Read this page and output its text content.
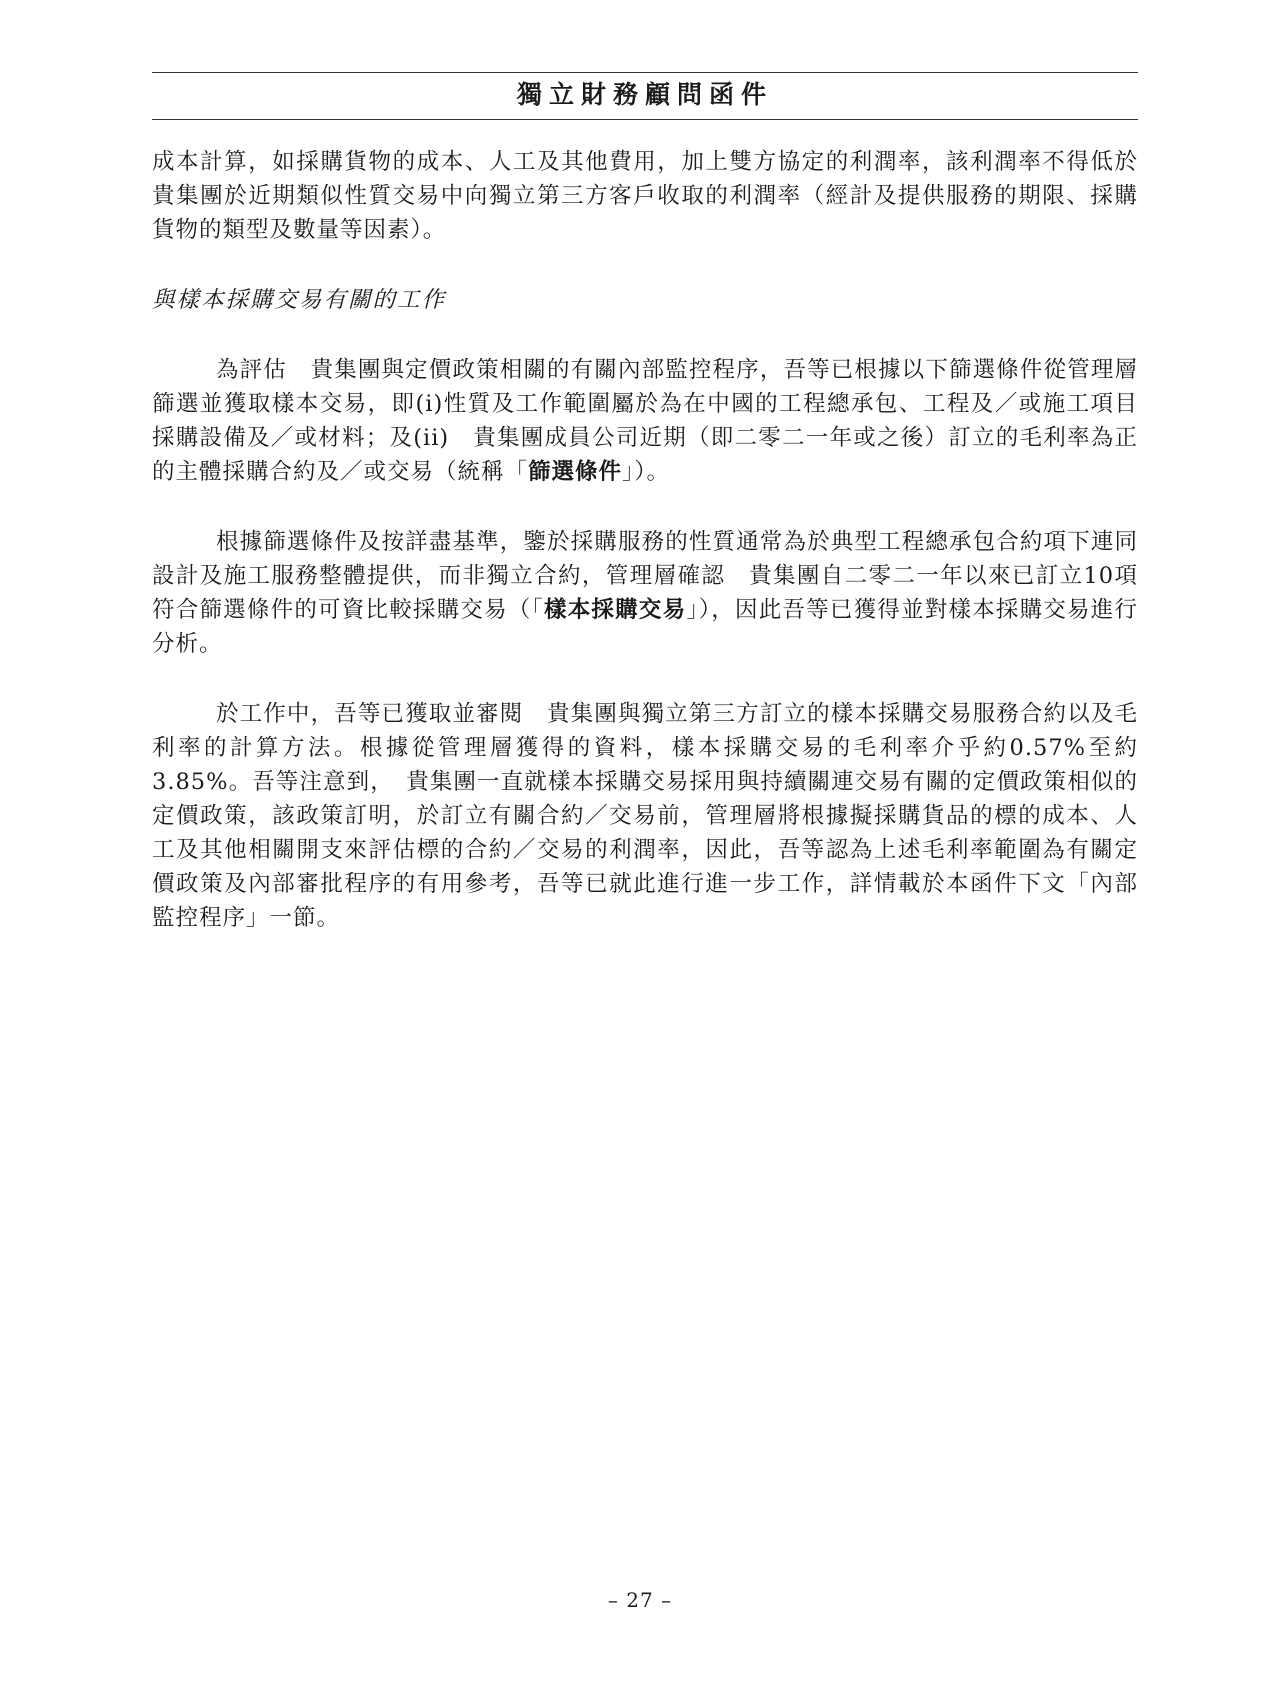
獨立財務顧問函件

成本計算，如採購貨物的成本、人工及其他費用，加上雙方協定的利潤率，該利潤率不得低於　貴集團於近期類似性質交易中向獨立第三方客戶收取的利潤率（經計及提供服務的期限、採購貨物的類型及數量等因素）。

與樣本採購交易有關的工作

為評估　貴集團與定價政策相關的有關內部監控程序，吾等已根據以下篩選條件從管理層篩選並獲取樣本交易，即(i)性質及工作範圍屬於為在中國的工程總承包、工程及／或施工項目採購設備及／或材料；及(ii)　貴集團成員公司近期（即二零二一年或之後）訂立的毛利率為正的主體採購合約及／或交易（統稱「篩選條件」）。

根據篩選條件及按詳盡基準，鑒於採購服務的性質通常為於典型工程總承包合約項下連同設計及施工服務整體提供，而非獨立合約，管理層確認　貴集團自二零二一年以來已訂立10項符合篩選條件的可資比較採購交易（「樣本採購交易」），因此吾等已獲得並對樣本採購交易進行分析。

於工作中，吾等已獲取並審閱　貴集團與獨立第三方訂立的樣本採購交易服務合約以及毛利率的計算方法。根據從管理層獲得的資料，樣本採購交易的毛利率介乎約0.57%至約3.85%。吾等注意到，　貴集團一直就樣本採購交易採用與持續關連交易有關的定價政策相似的定價政策，該政策訂明，於訂立有關合約／交易前，管理層將根據擬採購貨品的標的成本、人工及其他相關開支來評估標的合約／交易的利潤率，因此，吾等認為上述毛利率範圍為有關定價政策及內部審批程序的有用參考，吾等已就此進行進一步工作，詳情載於本函件下文「內部監控程序」一節。

– 27 –
